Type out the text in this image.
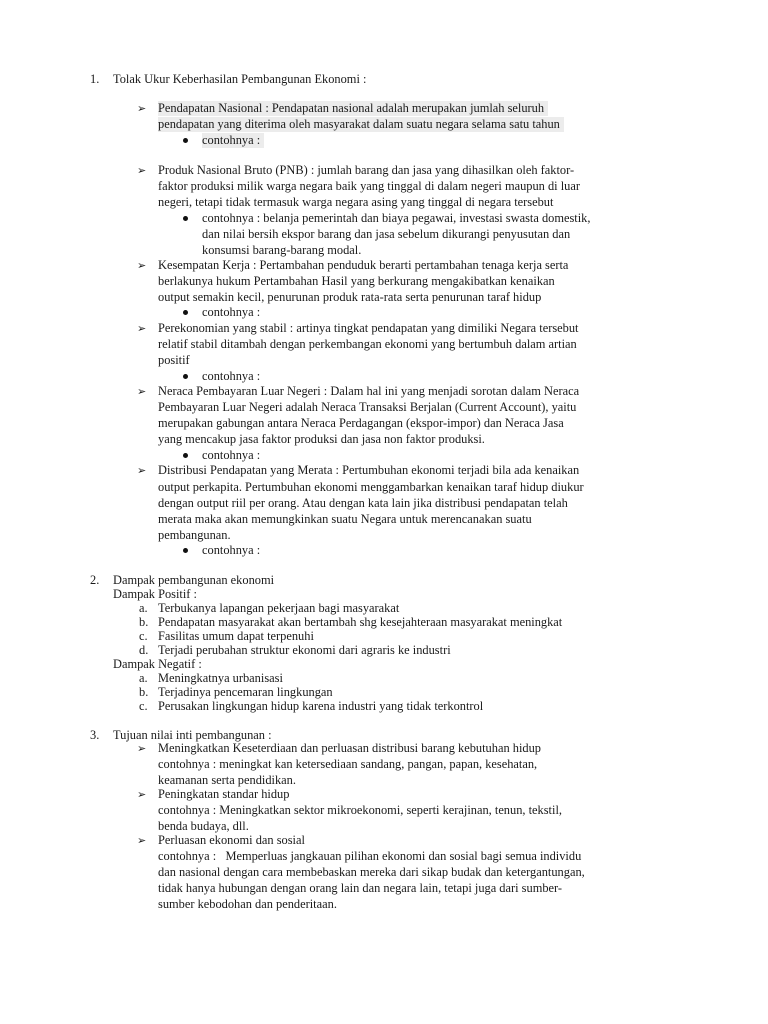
1. Tolak Ukur Keberhasilan Pembangunan Ekonomi :
➢ Pendapatan Nasional : Pendapatan nasional adalah merupakan jumlah seluruh
pendapatan yang diterima oleh masyarakat dalam suatu negara selama satu tahun
contohnya :
➢ Produk Nasional Bruto (PNB) : jumlah barang dan jasa yang dihasilkan oleh faktor-
faktor produksi milik warga negara baik yang tinggal di dalam negeri maupun di luar
negeri, tetapi tidak termasuk warga negara asing yang tinggal di negara tersebut
contohnya : belanja pemerintah dan biaya pegawai, investasi swasta domestik,
dan nilai bersih ekspor barang dan jasa sebelum dikurangi penyusutan dan
konsumsi barang-barang modal.
➢ Kesempatan Kerja : Pertambahan penduduk berarti pertambahan tenaga kerja serta
berlakunya hukum Pertambahan Hasil yang berkurang mengakibatkan kenaikan
output semakin kecil, penurunan produk rata-rata serta penurunan taraf hidup
contohnya :
➢ Perekonomian yang stabil : artinya tingkat pendapatan yang dimiliki Negara tersebut
relatif stabil ditambah dengan perkembangan ekonomi yang bertumbuh dalam artian
positif
contohnya :
➢ Neraca Pembayaran Luar Negeri : Dalam hal ini yang menjadi sorotan dalam Neraca
Pembayaran Luar Negeri adalah Neraca Transaksi Berjalan (Current Account), yaitu
merupakan gabungan antara Neraca Perdagangan (ekspor-impor) dan Neraca Jasa
yang mencakup jasa faktor produksi dan jasa non faktor produksi.
contohnya :
➢ Distribusi Pendapatan yang Merata : Pertumbuhan ekonomi terjadi bila ada kenaikan
output perkapita. Pertumbuhan ekonomi menggambarkan kenaikan taraf hidup diukur
dengan output riil per orang. Atau dengan kata lain jika distribusi pendapatan telah
merata maka akan memungkinkan suatu Negara untuk merencanakan suatu
pembangunan.
contohnya :
2. Dampak pembangunan ekonomi
Dampak Positif :
a. Terbukanya lapangan pekerjaan bagi masyarakat
b. Pendapatan masyarakat akan bertambah shg kesejahteraan masyarakat meningkat
c. Fasilitas umum dapat terpenuhi
d. Terjadi perubahan struktur ekonomi dari agraris ke industri
Dampak Negatif :
a. Meningkatnya urbanisasi
b. Terjadinya pencemaran lingkungan
c. Perusakan lingkungan hidup karena industri yang tidak terkontrol
3. Tujuan nilai inti pembangunan :
➢ Meningkatkan Keseterdiaan dan perluasan distribusi barang kebutuhan hidup
contohnya : meningkat kan ketersediaan sandang, pangan, papan, kesehatan,
keamanan serta pendidikan.
➢ Peningkatan standar hidup
contohnya : Meningkatkan sektor mikroekonomi, seperti kerajinan, tenun, tekstil,
benda budaya, dll.
➢ Perluasan ekonomi dan sosial
contohnya :   Memperluas jangkauan pilihan ekonomi dan sosial bagi semua individu
dan nasional dengan cara membebaskan mereka dari sikap budak dan ketergantungan,
tidak hanya hubungan dengan orang lain dan negara lain, tetapi juga dari sumber-
sumber kebodohan dan penderitaan.
